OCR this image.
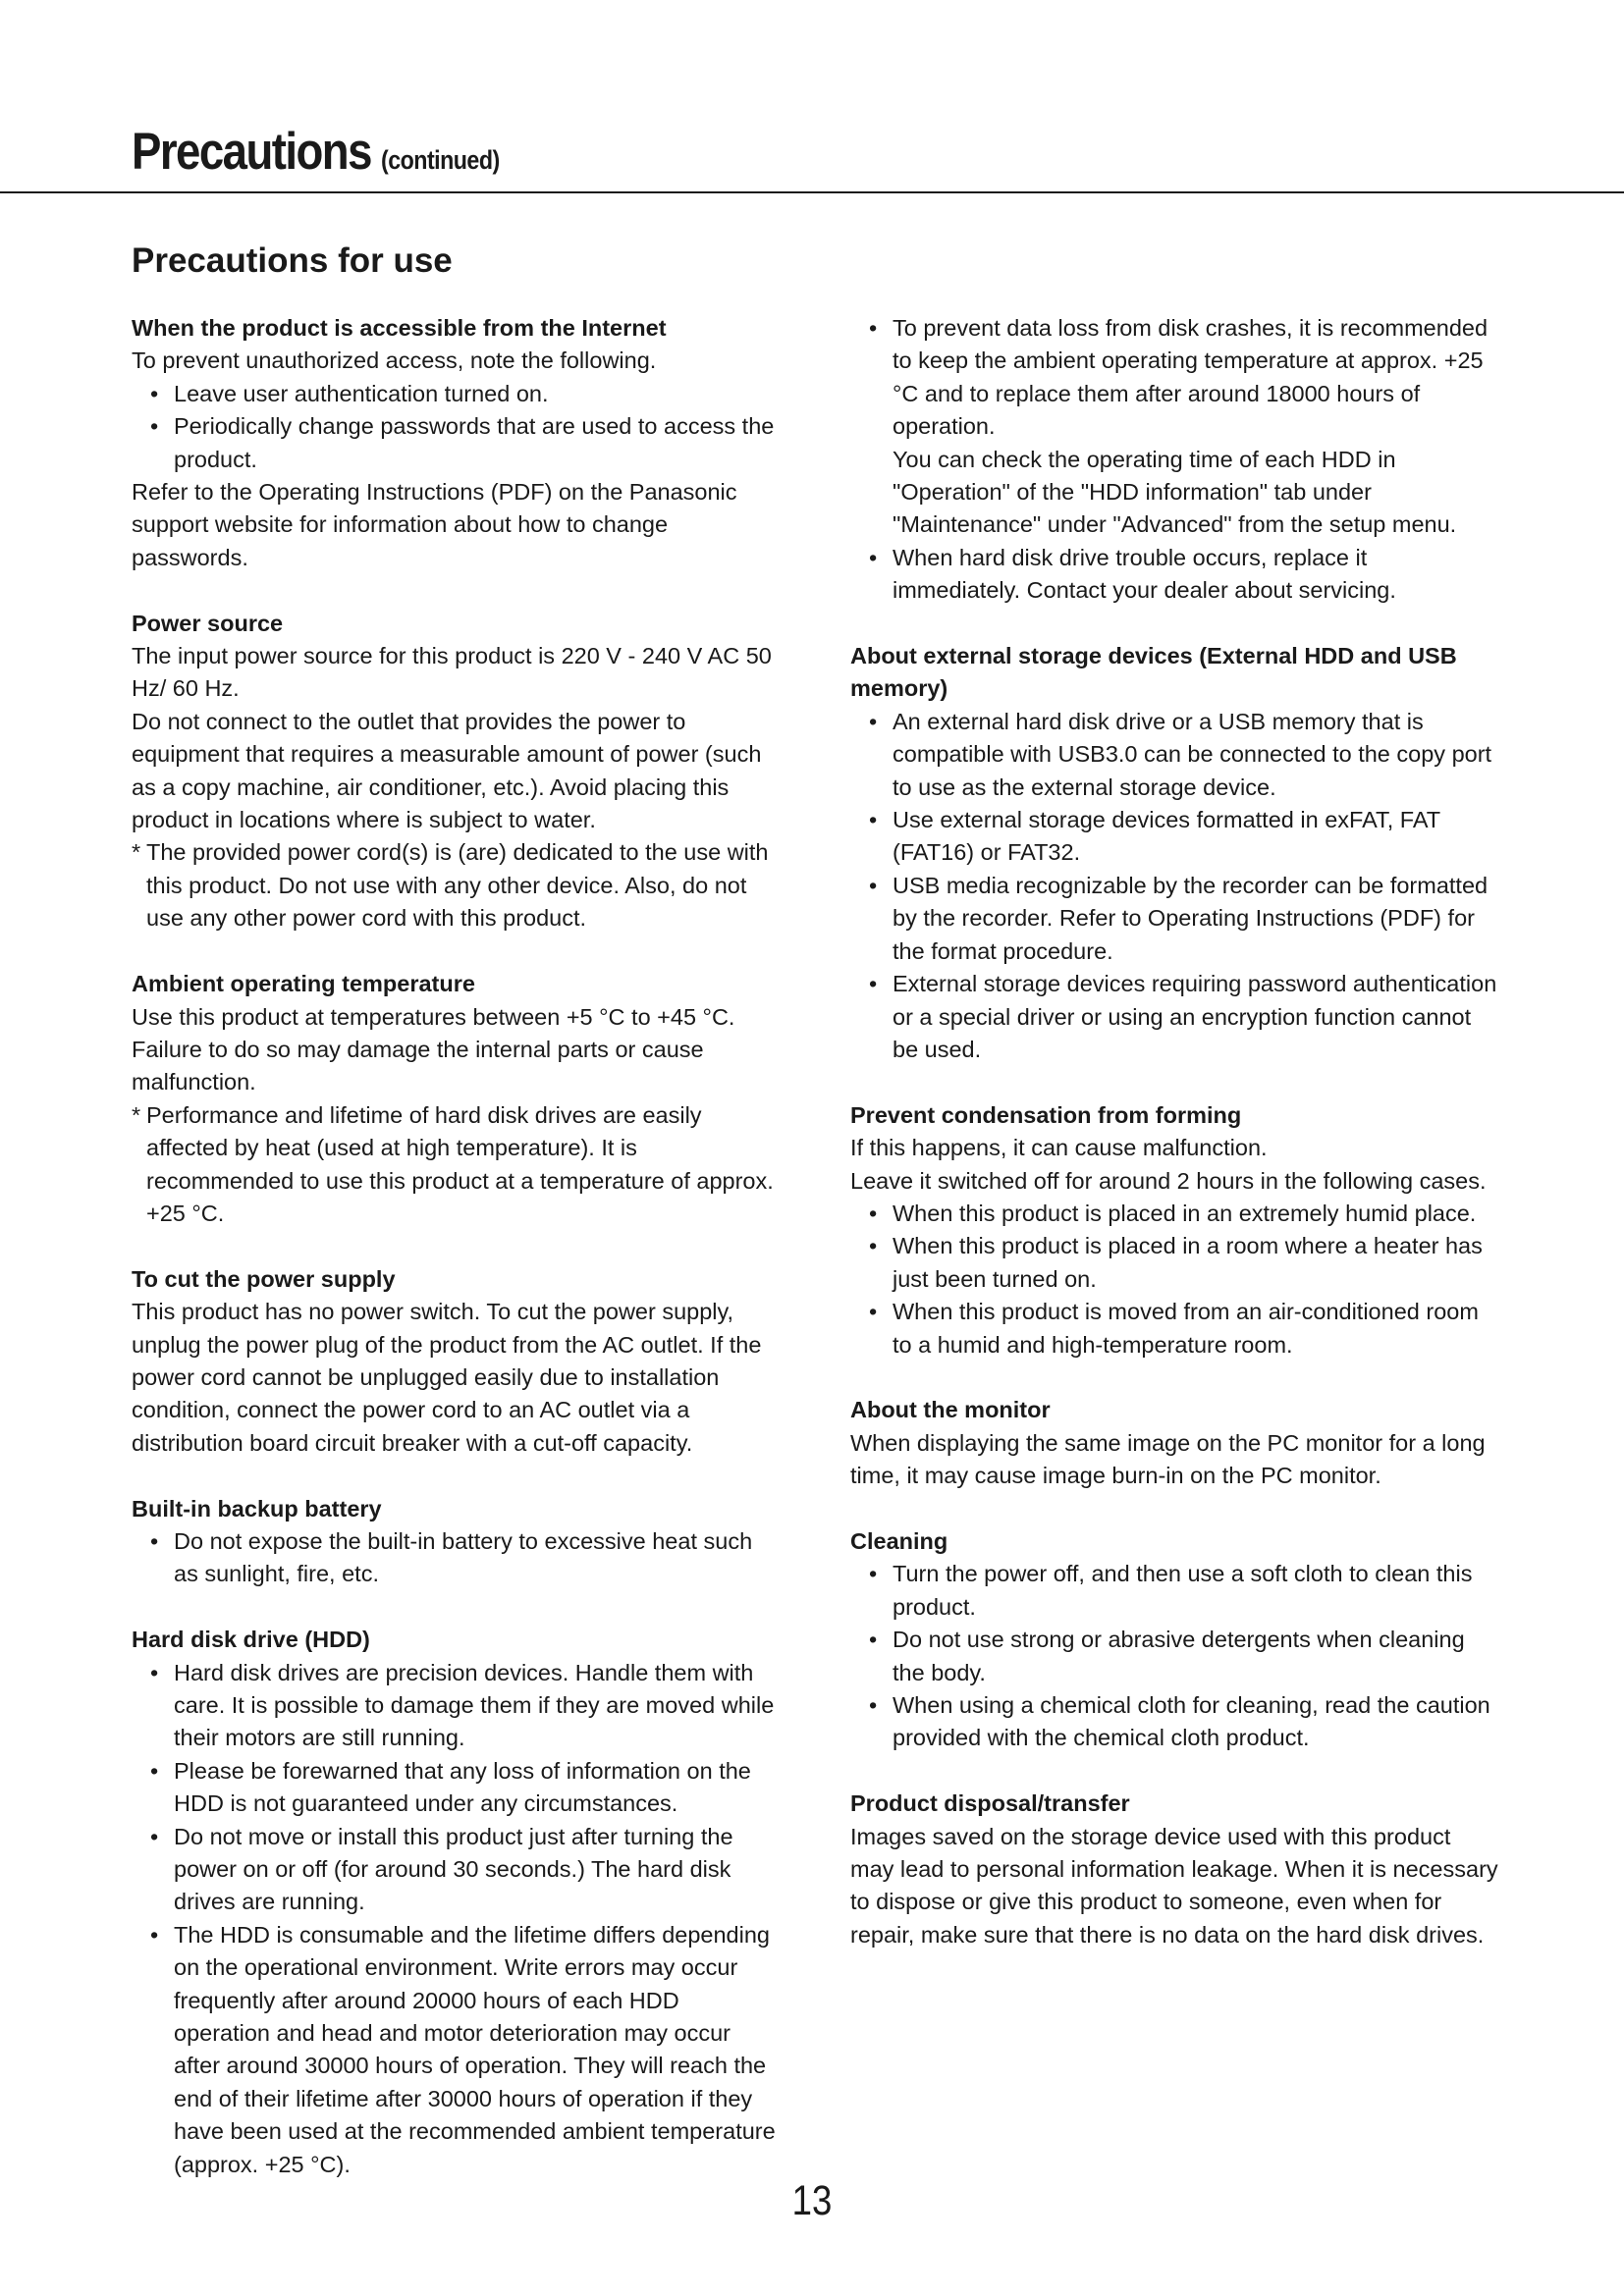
Precautions (continued)
Precautions for use
When the product is accessible from the Internet
To prevent unauthorized access, note the following.
• Leave user authentication turned on.
• Periodically change passwords that are used to access the product.
Refer to the Operating Instructions (PDF) on the Panasonic support website for information about how to change passwords.
Power source
The input power source for this product is 220 V - 240 V AC 50 Hz/ 60 Hz.
Do not connect to the outlet that provides the power to equipment that requires a measurable amount of power (such as a copy machine, air conditioner, etc.). Avoid placing this product in locations where is subject to water.
* The provided power cord(s) is (are) dedicated to the use with this product. Do not use with any other device. Also, do not use any other power cord with this product.
Ambient operating temperature
Use this product at temperatures between +5 °C to +45 °C. Failure to do so may damage the internal parts or cause malfunction.
* Performance and lifetime of hard disk drives are easily affected by heat (used at high temperature). It is recommended to use this product at a temperature of approx. +25 °C.
To cut the power supply
This product has no power switch. To cut the power supply, unplug the power plug of the product from the AC outlet. If the power cord cannot be unplugged easily due to installation condition, connect the power cord to an AC outlet via a distribution board circuit breaker with a cut-off capacity.
Built-in backup battery
• Do not expose the built-in battery to excessive heat such as sunlight, fire, etc.
Hard disk drive (HDD)
• Hard disk drives are precision devices. Handle them with care. It is possible to damage them if they are moved while their motors are still running.
• Please be forewarned that any loss of information on the HDD is not guaranteed under any circumstances.
• Do not move or install this product just after turning the power on or off (for around 30 seconds.) The hard disk drives are running.
• The HDD is consumable and the lifetime differs depending on the operational environment. Write errors may occur frequently after around 20000 hours of each HDD operation and head and motor deterioration may occur after around 30000 hours of operation. They will reach the end of their lifetime after 30000 hours of operation if they have been used at the recommended ambient temperature (approx. +25 °C).
• To prevent data loss from disk crashes, it is recommended to keep the ambient operating temperature at approx. +25 °C and to replace them after around 18000 hours of operation.
You can check the operating time of each HDD in "Operation" of the "HDD information" tab under "Maintenance" under "Advanced" from the setup menu.
• When hard disk drive trouble occurs, replace it immediately. Contact your dealer about servicing.
About external storage devices (External HDD and USB memory)
• An external hard disk drive or a USB memory that is compatible with USB3.0 can be connected to the copy port to use as the external storage device.
• Use external storage devices formatted in exFAT, FAT (FAT16) or FAT32.
• USB media recognizable by the recorder can be formatted by the recorder. Refer to Operating Instructions (PDF) for the format procedure.
• External storage devices requiring password authentication or a special driver or using an encryption function cannot be used.
Prevent condensation from forming
If this happens, it can cause malfunction.
Leave it switched off for around 2 hours in the following cases.
• When this product is placed in an extremely humid place.
• When this product is placed in a room where a heater has just been turned on.
• When this product is moved from an air-conditioned room to a humid and high-temperature room.
About the monitor
When displaying the same image on the PC monitor for a long time, it may cause image burn-in on the PC monitor.
Cleaning
• Turn the power off, and then use a soft cloth to clean this product.
• Do not use strong or abrasive detergents when cleaning the body.
• When using a chemical cloth for cleaning, read the caution provided with the chemical cloth product.
Product disposal/transfer
Images saved on the storage device used with this product may lead to personal information leakage. When it is necessary to dispose or give this product to someone, even when for repair, make sure that there is no data on the hard disk drives.
13
